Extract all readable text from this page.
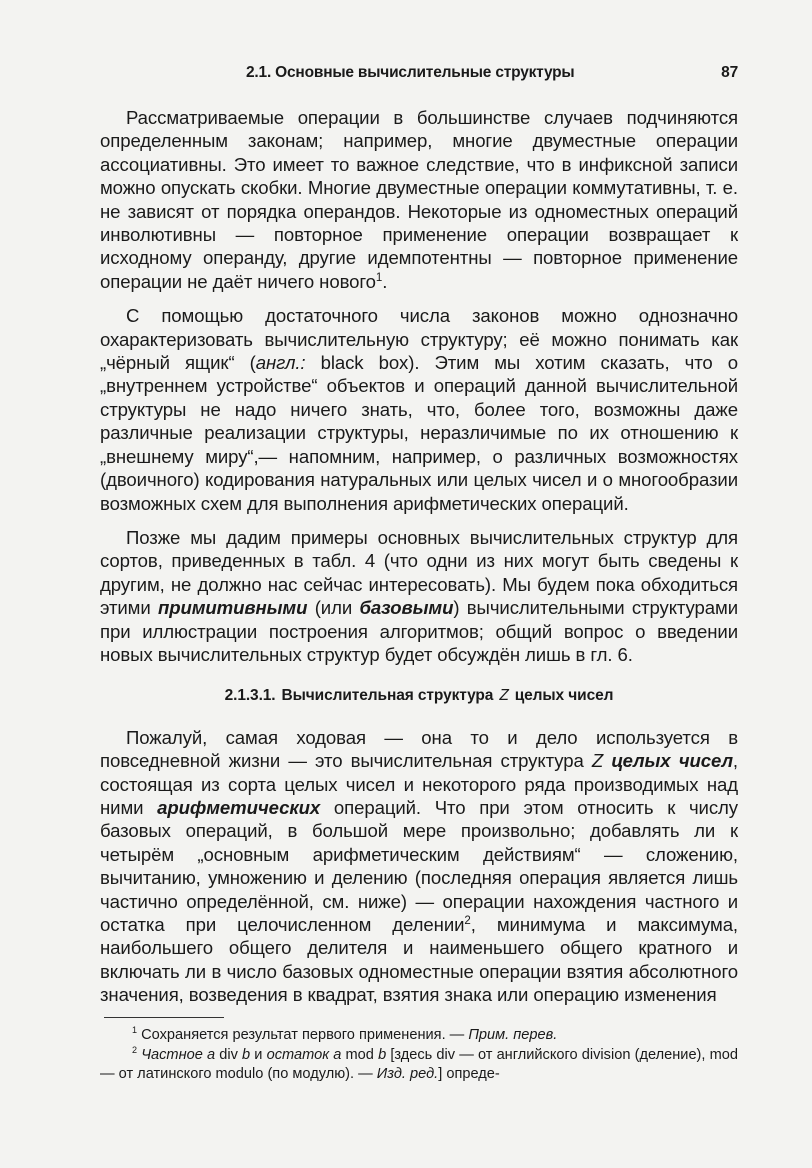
2.1. Основные вычислительные структуры	87

Рассматриваемые операции в большинстве случаев подчиняются определенным законам; например, многие двуместные операции ассоциативны. Это имеет то важное следствие, что в инфиксной записи можно опускать скобки. Многие двуместные операции коммутативны, т. е. не зависят от порядка операндов. Некоторые из одноместных операций инволютивны — повторное применение операции возвращает к исходному операнду, другие идемпотентны — повторное применение операции не даёт ничего нового$^1$.

С помощью достаточного числа законов можно однозначно охарактеризовать вычислительную структуру; её можно понимать как „чёрный ящик“ (англ.: black box). Этим мы хотим сказать, что о „внутреннем устройстве“ объектов и операций данной вычислительной структуры не надо ничего знать, что, более того, возможны даже различные реализации структуры, неразличимые по их отношению к „внешнему миру“,— напомним, например, о различных возможностях (двоичного) кодирования натуральных или целых чисел и о многообразии возможных схем для выполнения арифметических операций.

Позже мы дадим примеры основных вычислительных структур для сортов, приведенных в табл. 4 (что одни из них могут быть сведены к другим, не должно нас сейчас интересовать). Мы будем пока обходиться этими примитивными (или базовыми) вычислительными структурами при иллюстрации построения алгоритмов; общий вопрос о введении новых вычислительных структур будет обсуждён лишь в гл. 6.

2.1.3.1. Вычислительная структура Z целых чисел

Пожалуй, самая ходовая — она то и дело используется в повседневной жизни — это вычислительная структура Z целых чисел, состоящая из сорта целых чисел и некоторого ряда производимых над ними арифметических операций. Что при этом относить к числу базовых операций, в большой мере произвольно; добавлять ли к четырём „основным арифметическим действиям“ — сложению, вычитанию, умножению и делению (последняя операция является лишь частично определённой, см. ниже) — операции нахождения частного и остатка при целочисленном делении$^2$, минимума и максимума, наибольшего общего делителя и наименьшего общего кратного и включать ли в число базовых одноместные операции взятия абсолютного значения, возведения в квадрат, взятия знака или операцию изменения

$^1$ Сохраняется результат первого применения. — Прим. перев.

$^2$ Частное a div b и остаток a mod b [здесь div — от английского division (деление), mod — от латинского modulo (по модулю). — Изд. ред.] опреде-
